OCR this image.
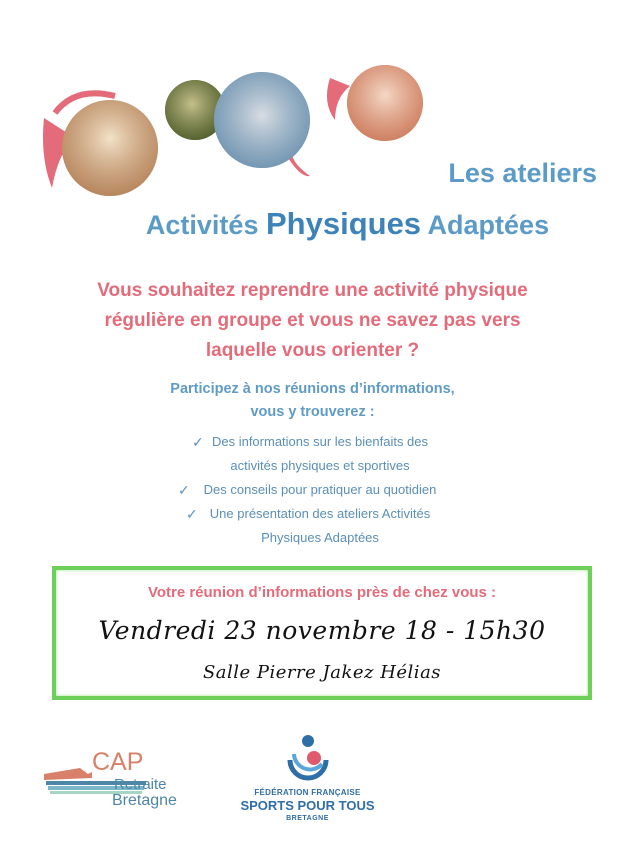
Les ateliers
Activités Physiques Adaptées
Vous souhaitez reprendre une activité physique
régulière en groupe et vous ne savez pas vers
laquelle vous orienter ?
Participez à nos réunions d’informations,
vous y trouverez :
✓ Des informations sur les bienfaits des
activités physiques et sportives
✓	Des conseils pour pratiquer au quotidien
✓ Une présentation des ateliers Activités
Physiques Adaptées
Votre réunion d’informations près de chez vous :
Vendredi 23 novembre 18 - 15h30
Salle Pierre Jakez Hélias
CAP
Retraite
Bretagne	FÉDÉRATION FRANÇAISE
SPORTS POUR TOUS
BRETAGNE
